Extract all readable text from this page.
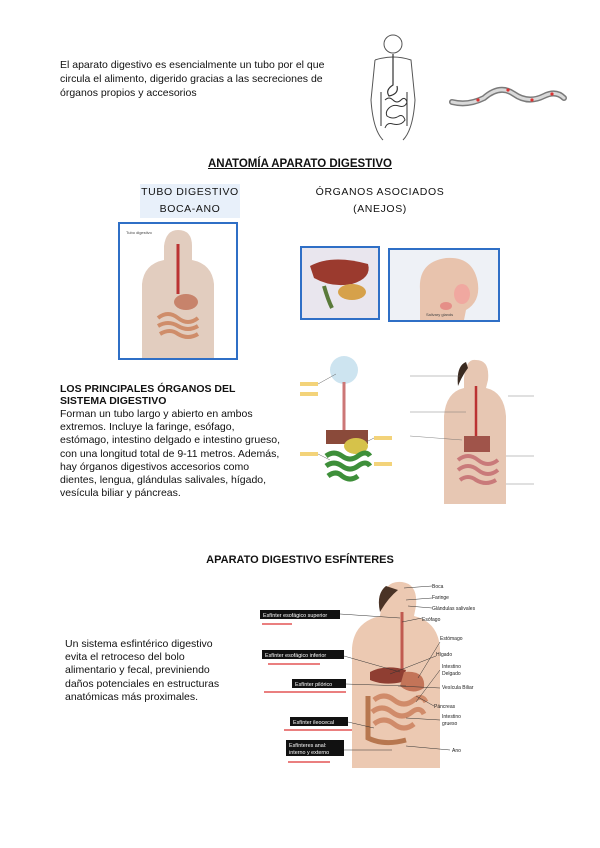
El aparato digestivo es esencialmente un tubo por el que circula el alimento, digerido gracias a las secreciones de órganos propios y accesorios
ANATOMÍA APARATO DIGESTIVO
TUBO DIGESTIVO
BOCA-ANO
ÓRGANOS ASOCIADOS
(ANEJOS)
Tubo digestivo
Salivary glands
LOS PRINCIPALES ÓRGANOS DEL SISTEMA DIGESTIVO
Forman un tubo largo y abierto en ambos extremos. Incluye la faringe, esófago, estómago, intestino delgado e intestino grueso, con una longitud total de 9-11 metros. Además, hay órganos digestivos accesorios como dientes, lengua, glándulas salivales, hígado, vesícula biliar y páncreas.
APARATO DIGESTIVO ESFÍNTERES
Un sistema esfintérico digestivo evita el retroceso del bolo alimentario y fecal, previniendo daños potenciales en estructuras anatómicas más proximales.
Boca
Faringe
Glándulas salivales
Esófago
Estómago
Hígado
Intestino
Delgado
Vesícula Biliar
Páncreas
Intestino
grueso
Ano
Esfínter esofágico superior
Esfínter esofágico inferior
Esfínter pilórico
Esfínter ileocecal
Esfínteres anal:
interno y externo
